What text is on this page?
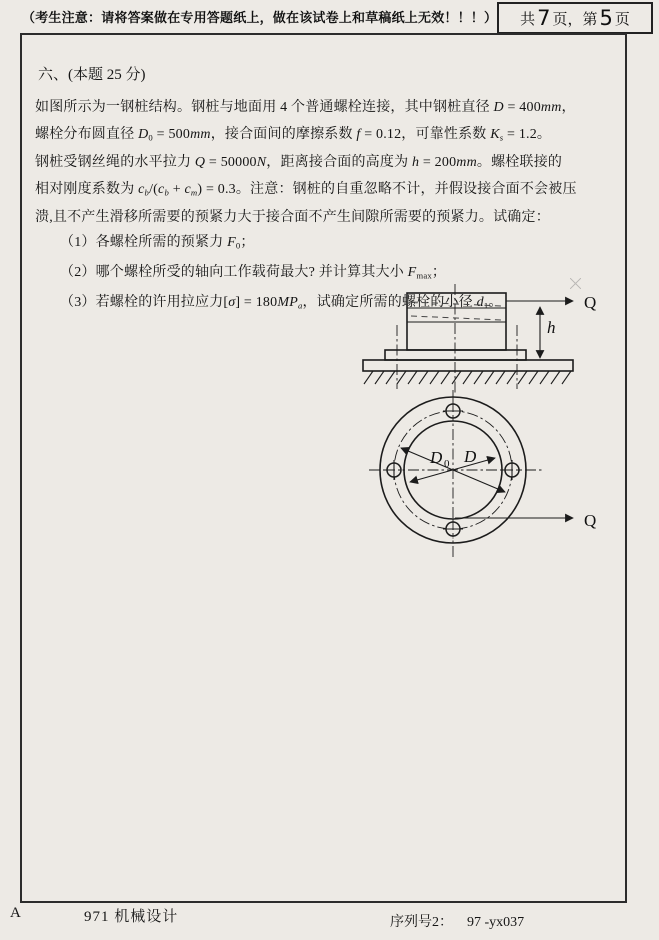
（考生注意：请将答案做在专用答题纸上，做在该试卷上和草稿纸上无效！！！） 共 7 页，第 5 页
六、(本题 25 分)
如图所示为一钢桩结构。钢桩与地面用 4 个普通螺栓连接，其中钢桩直径 D = 400mm，
螺栓分布圆直径 D0 = 500mm，接合面间的摩擦系数 f = 0.12，可靠性系数 Ks = 1.2。
钢桩受钢丝绳的水平拉力 Q = 50000N，距离接合面的高度为 h = 200mm。螺栓联接的
相对刚度系数为 cb/(cb + cm) = 0.3。注意：钢桩的自重忽略不计，并假设接合面不会被压
溃,且不产生滑移所需要的预紧力大于接合面不产生间隙所需要的预紧力。试确定：
（1）各螺栓所需的预紧力 F0；
（2）哪个螺栓所受的轴向工作载荷最大? 并计算其大小 Fmax；
（3）若螺栓的许用拉应力[σ] = 180MPa，试确定所需的螺栓的小径 d1。	Q
h
D 0 D
Q
A	971 机械设计	序列号2： 97 -yx037
